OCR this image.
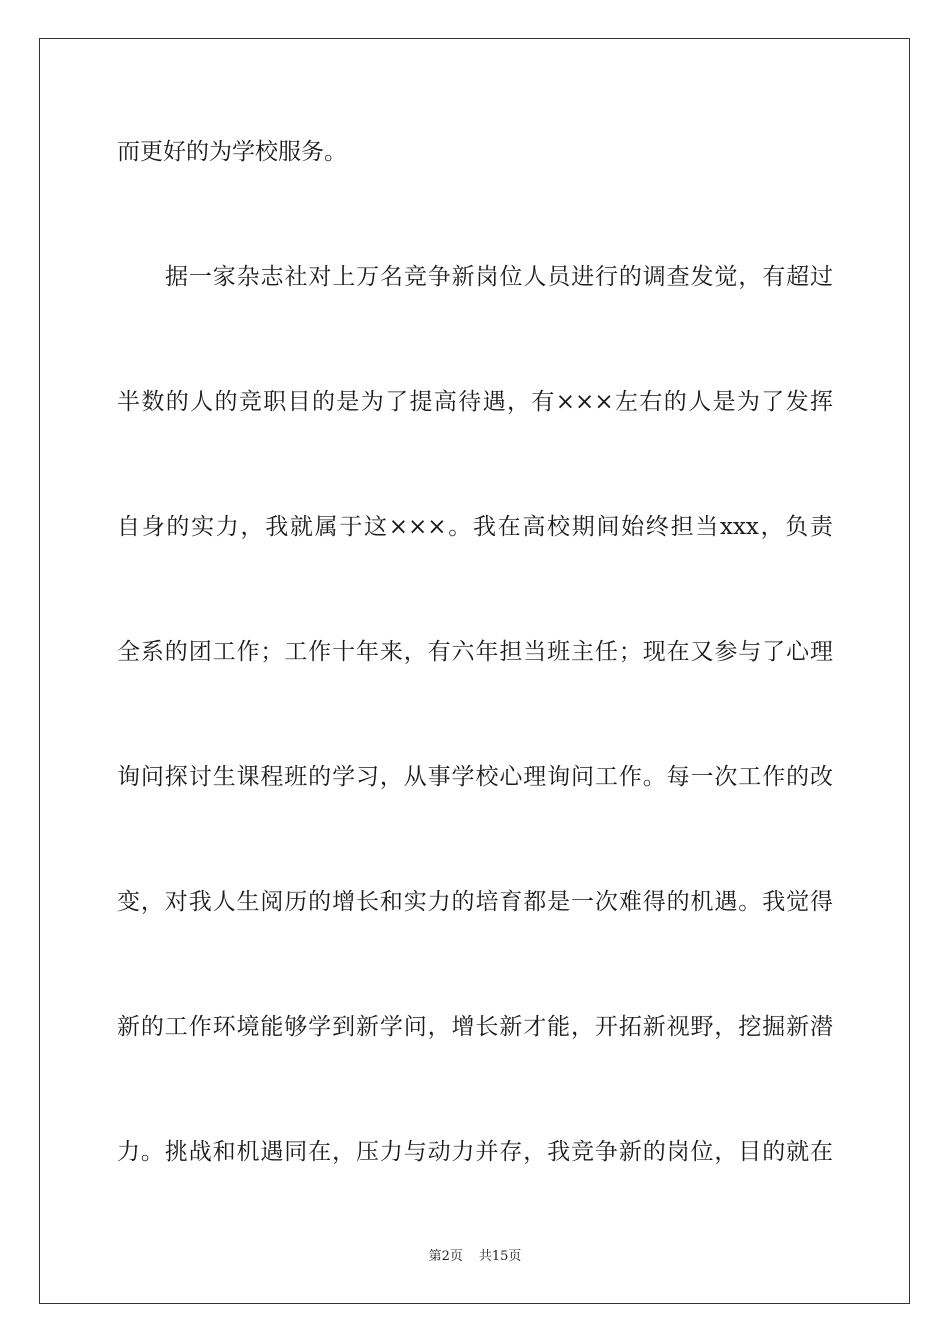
而更好的为学校服务。
据一家杂志社对上万名竞争新岗位人员进行的调查发觉，有超过
半数的人的竞职目的是为了提高待遇，有×××左右的人是为了发挥
自身的实力，我就属于这×××。我在高校期间始终担当xxx，负责
全系的团工作；工作十年来，有六年担当班主任；现在又参与了心理
询问探讨生课程班的学习，从事学校心理询问工作。每一次工作的改
变，对我人生阅历的增长和实力的培育都是一次难得的机遇。我觉得
新的工作环境能够学到新学问，增长新才能，开拓新视野，挖掘新潜
力。挑战和机遇同在，压力与动力并存，我竞争新的岗位，目的就在
第2页 共15页
